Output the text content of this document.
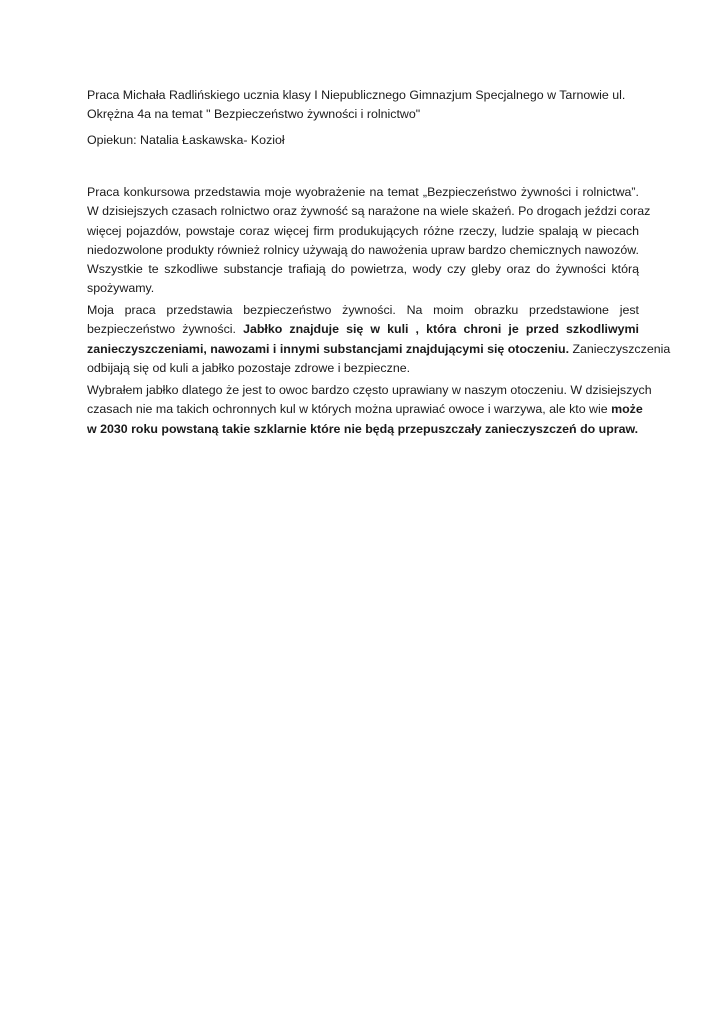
Praca Michała Radlińskiego ucznia klasy I Niepublicznego Gimnazjum Specjalnego w Tarnowie ul.
Okrężna 4a na temat " Bezpieczeństwo żywności i rolnictwo"
Opiekun: Natalia Łaskawska- Kozioł
Praca konkursowa przedstawia moje wyobrażenie na temat „Bezpieczeństwo żywności i rolnictwa”.
W dzisiejszych czasach rolnictwo oraz żywność są narażone na wiele skażeń. Po drogach jeździ coraz
więcej pojazdów, powstaje coraz więcej firm produkujących różne rzeczy, ludzie spalają w piecach
niedozwolone produkty również rolnicy używają do nawożenia upraw bardzo chemicznych nawozów.
Wszystkie te szkodliwe substancje trafiają do powietrza, wody czy gleby oraz do żywności którą
spożywamy.
Moja praca przedstawia bezpieczeństwo żywności. Na moim obrazku przedstawione jest
bezpieczeństwo żywności. Jabłko znajduje się w kuli , która chroni je przed szkodliwymi
zanieczyszczeniami, nawozami i innymi substancjami znajdującymi się otoczeniu. Zanieczyszczenia
odbijają się od kuli a jabłko pozostaje zdrowe i bezpieczne.
Wybrałem jabłko dlatego że jest to owoc bardzo często uprawiany w naszym otoczeniu. W dzisiejszych
czasach nie ma takich ochronnych kul w których można uprawiać owoce i warzywa, ale kto wie może
w 2030 roku powstaną takie szklarnie które nie będą przepuszczały zanieczyszczeń do upraw.
